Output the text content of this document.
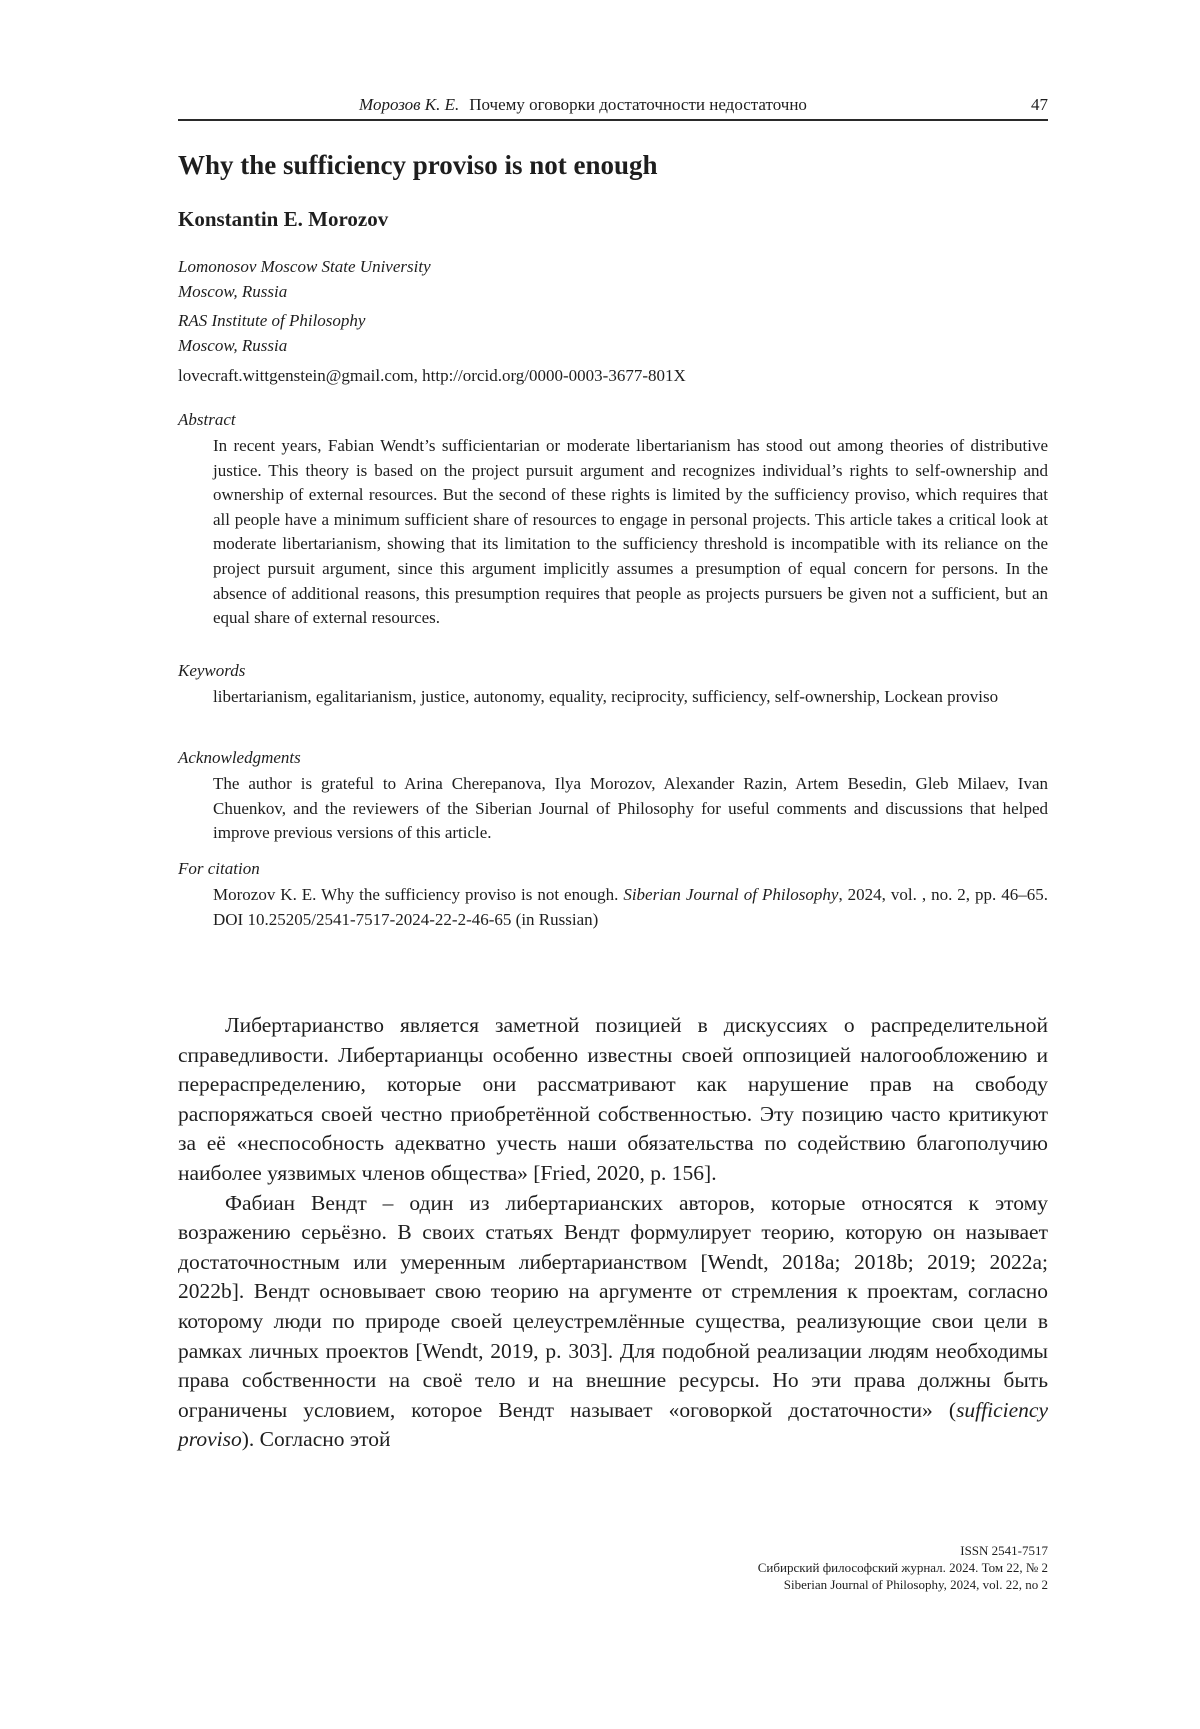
Морозов К. Е. Почему оговорки достаточности недостаточно	47
Why the sufficiency proviso is not enough
Konstantin E. Morozov
Lomonosov Moscow State University
Moscow, Russia
RAS Institute of Philosophy
Moscow, Russia
lovecraft.wittgenstein@gmail.com, http://orcid.org/0000-0003-3677-801X
Abstract
In recent years, Fabian Wendt’s sufficientarian or moderate libertarianism has stood out among theories of distributive justice. This theory is based on the project pursuit argument and recognizes individual’s rights to self-ownership and ownership of external resources. But the second of these rights is limited by the sufficiency proviso, which requires that all people have a minimum sufficient share of resources to engage in personal projects. This article takes a critical look at moderate libertarianism, showing that its limitation to the sufficiency threshold is incompatible with its reliance on the project pursuit argument, since this argument implicitly assumes a presumption of equal concern for persons. In the absence of additional reasons, this presumption requires that people as projects pursuers be given not a sufficient, but an equal share of external resources.
Keywords
libertarianism, egalitarianism, justice, autonomy, equality, reciprocity, sufficiency, self-ownership, Lockean proviso
Acknowledgments
The author is grateful to Arina Cherepanova, Ilya Morozov, Alexander Razin, Artem Besedin, Gleb Milaev, Ivan Chuenkov, and the reviewers of the Siberian Journal of Philosophy for useful comments and discussions that helped improve previous versions of this article.
For citation
Morozov K. E. Why the sufficiency proviso is not enough. Siberian Journal of Philosophy, 2024, vol. , no. 2, pp. 46–65. DOI 10.25205/2541-7517-2024-22-2-46-65 (in Russian)

Либертарианство является заметной позицией в дискуссиях о распределительной справедливости. Либертарианцы особенно известны своей оппозицией налогообложению и перераспределению, которые они рассматривают как нарушение прав на свободу распоряжаться своей честно приобретённой собственностью. Эту позицию часто критикуют за её «неспособность адекватно учесть наши обязательства по содействию благополучию наиболее уязвимых членов общества» [Fried, 2020, p. 156].

Фабиан Вендт – один из либертарианских авторов, которые относятся к этому возражению серьёзно. В своих статьях Вендт формулирует теорию, которую он называет достаточностным или умеренным либертарианством [Wendt, 2018a; 2018b; 2019; 2022a; 2022b]. Вендт основывает свою теорию на аргументе от стремления к проектам, согласно которому люди по природе своей целеустремлённые существа, реализующие свои цели в рамках личных проектов [Wendt, 2019, p. 303]. Для подобной реализации людям необходимы права собственности на своё тело и на внешние ресурсы. Но эти права должны быть ограничены условием, которое Вендт называет «оговоркой достаточности» (sufficiency proviso). Согласно этой

ISSN 2541-7517
Сибирский философский журнал. 2024. Том 22, № 2
Siberian Journal of Philosophy, 2024, vol. 22, no 2
